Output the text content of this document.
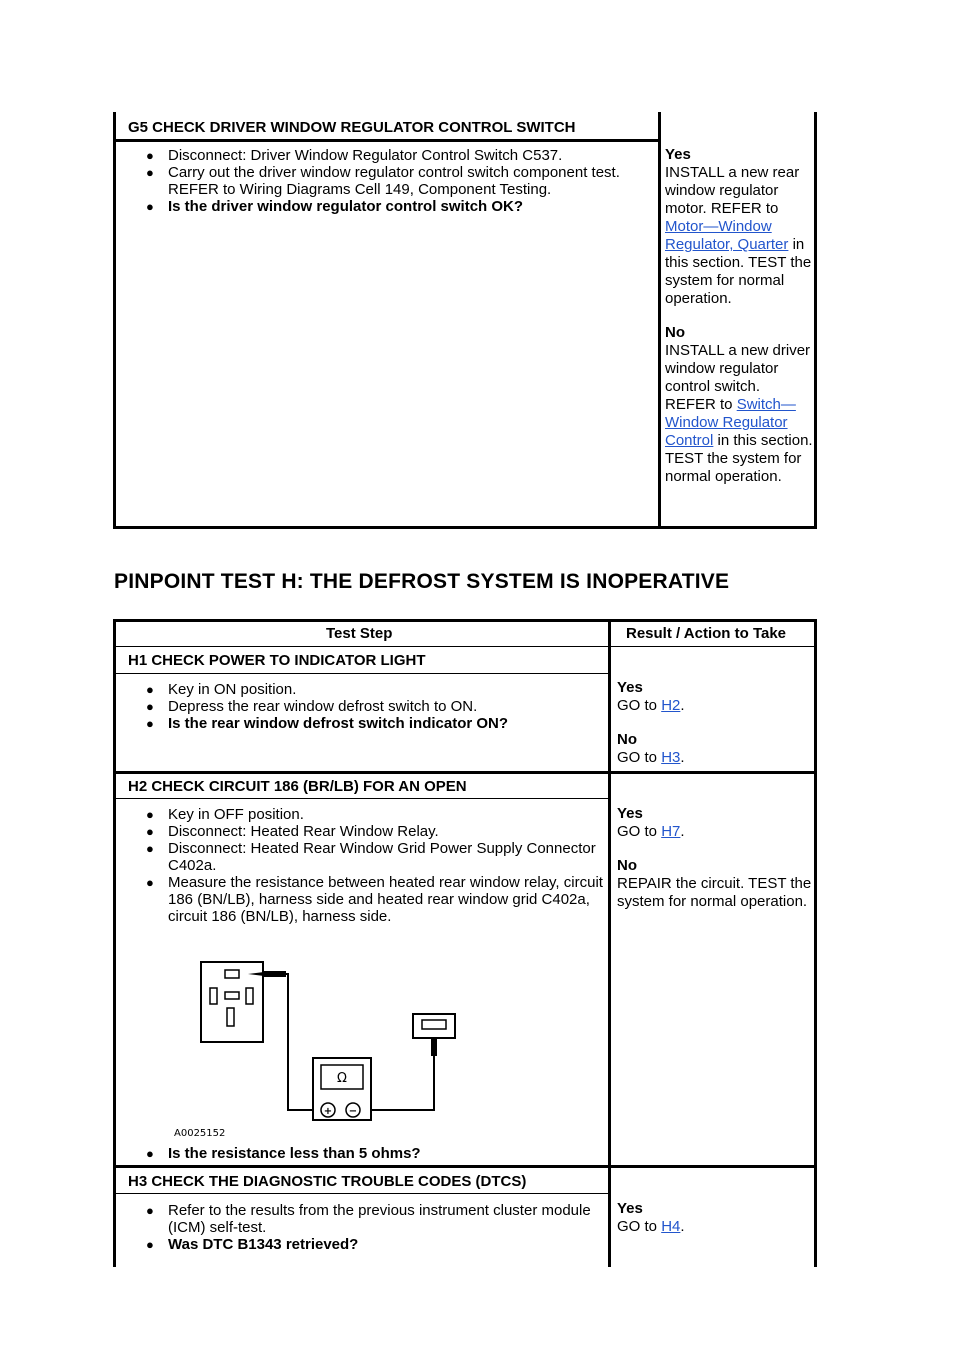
G5 CHECK DRIVER WINDOW REGULATOR CONTROL SWITCH
● Disconnect: Driver Window Regulator Control Switch C537.
● Carry out the driver window regulator control switch component test. REFER to Wiring Diagrams Cell 149, Component Testing.
● Is the driver window regulator control switch OK?
Yes
INSTALL a new rear window regulator motor. REFER to Motor—Window Regulator, Quarter in this section. TEST the system for normal operation.
No
INSTALL a new driver window regulator control switch. REFER to Switch—Window Regulator Control in this section. TEST the system for normal operation.
PINPOINT TEST H: THE DEFROST SYSTEM IS INOPERATIVE
Test Step	Result / Action to Take
H1 CHECK POWER TO INDICATOR LIGHT
● Key in ON position.
● Depress the rear window defrost switch to ON.
● Is the rear window defrost switch indicator ON?
Yes
GO to H2.
No
GO to H3.
H2 CHECK CIRCUIT 186 (BR/LB) FOR AN OPEN
● Key in OFF position.
● Disconnect: Heated Rear Window Relay.
● Disconnect: Heated Rear Window Grid Power Supply Connector C402a.
● Measure the resistance between heated rear window relay, circuit 186 (BN/LB), harness side and heated rear window grid C402a, circuit 186 (BN/LB), harness side.
Ω
+ −
A0025152
● Is the resistance less than 5 ohms?
Yes
GO to H7.
No
REPAIR the circuit. TEST the system for normal operation.
H3 CHECK THE DIAGNOSTIC TROUBLE CODES (DTCS)
● Refer to the results from the previous instrument cluster module (ICM) self-test.
● Was DTC B1343 retrieved?
Yes
GO to H4.
